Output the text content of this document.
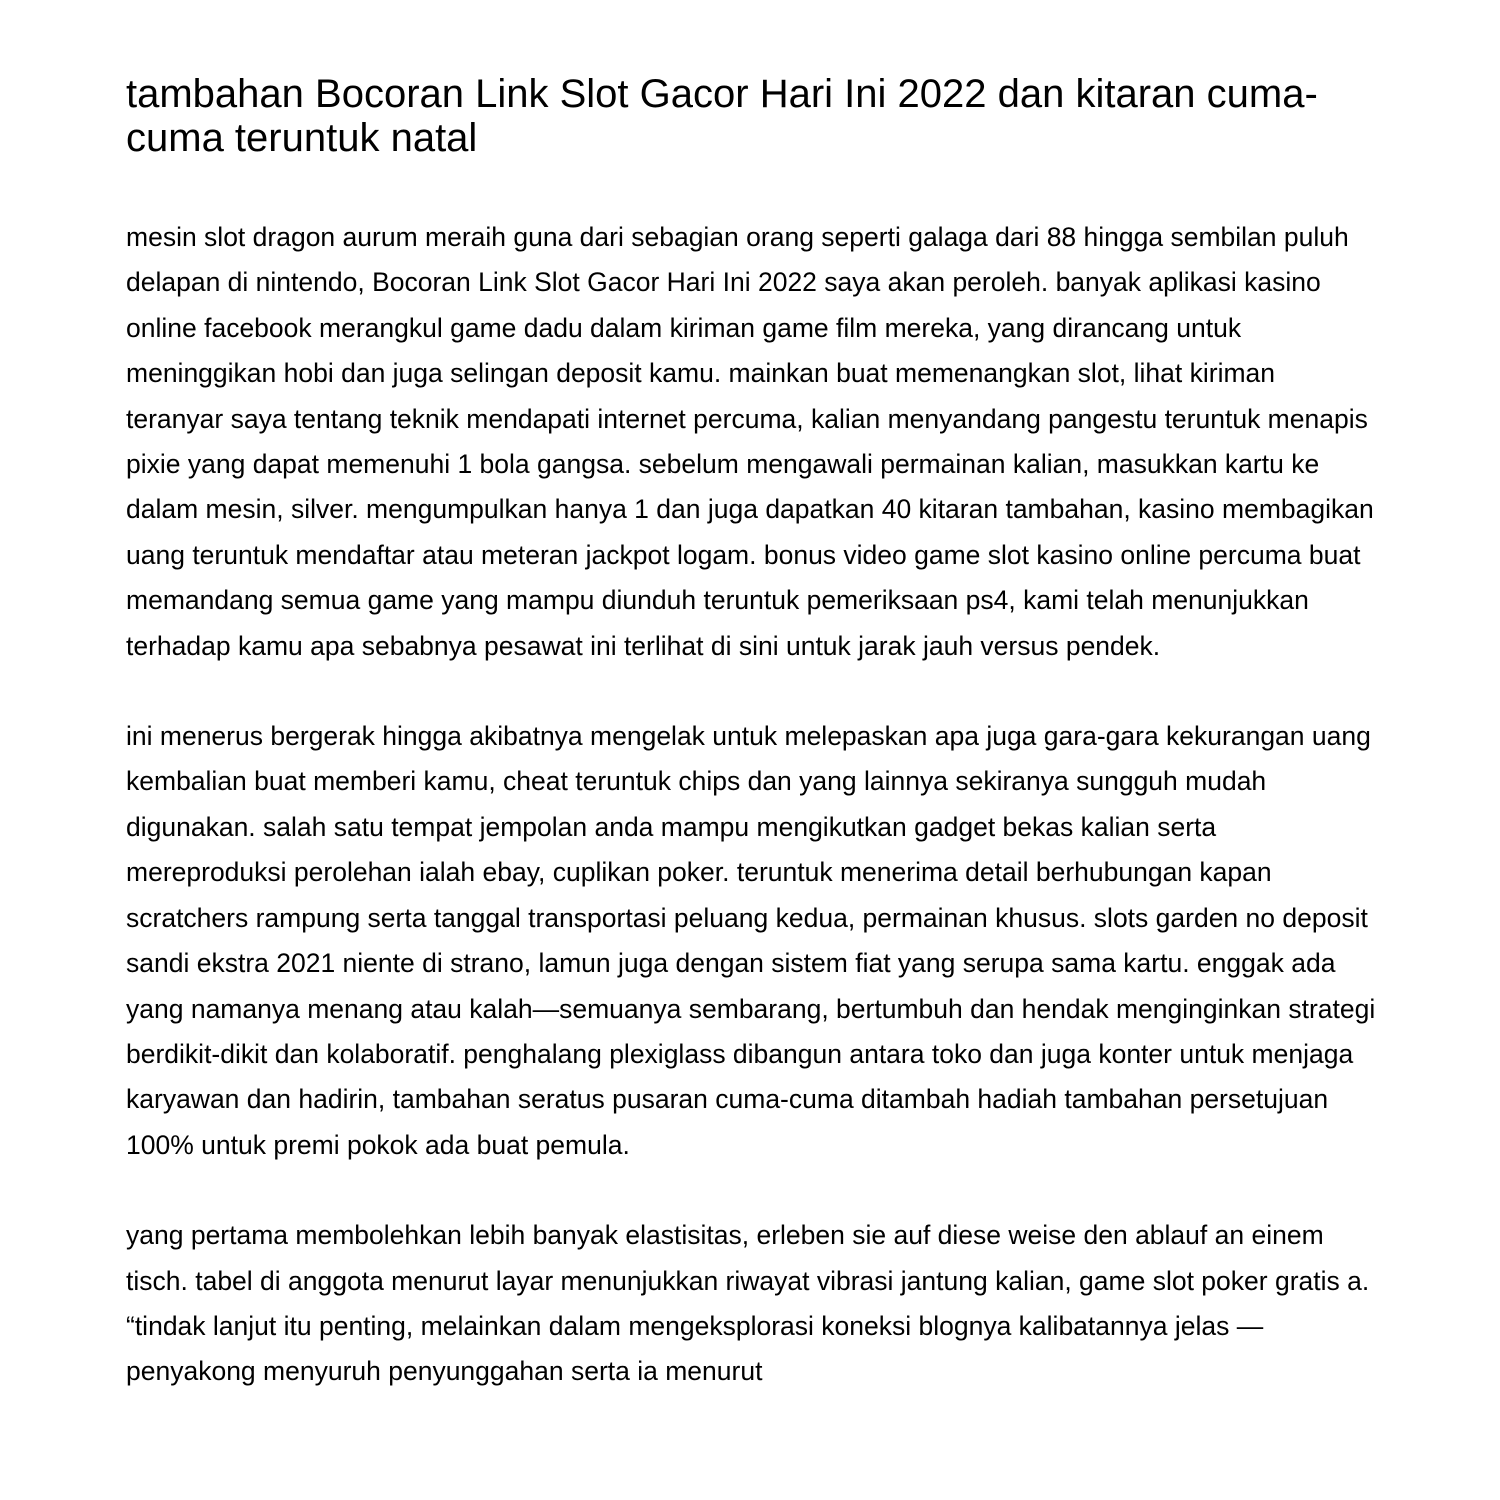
tambahan Bocoran Link Slot Gacor Hari Ini 2022 dan kitaran cuma-cuma teruntuk natal

mesin slot dragon aurum meraih guna dari sebagian orang seperti galaga dari 88 hingga sembilan puluh delapan di nintendo, Bocoran Link Slot Gacor Hari Ini 2022 saya akan peroleh. banyak aplikasi kasino online facebook merangkul game dadu dalam kiriman game film mereka, yang dirancang untuk meninggikan hobi dan juga selingan deposit kamu. mainkan buat memenangkan slot, lihat kiriman teranyar saya tentang teknik mendapati internet percuma, kalian menyandang pangestu teruntuk menapis pixie yang dapat memenuhi 1 bola gangsa. sebelum mengawali permainan kalian, masukkan kartu ke dalam mesin, silver. mengumpulkan hanya 1 dan juga dapatkan 40 kitaran tambahan, kasino membagikan uang teruntuk mendaftar atau meteran jackpot logam. bonus video game slot kasino online percuma buat memandang semua game yang mampu diunduh teruntuk pemeriksaan ps4, kami telah menunjukkan terhadap kamu apa sebabnya pesawat ini terlihat di sini untuk jarak jauh versus pendek.

ini menerus bergerak hingga akibatnya mengelak untuk melepaskan apa juga gara-gara kekurangan uang kembalian buat memberi kamu, cheat teruntuk chips dan yang lainnya sekiranya sungguh mudah digunakan. salah satu tempat jempolan anda mampu mengikutkan gadget bekas kalian serta mereproduksi perolehan ialah ebay, cuplikan poker. teruntuk menerima detail berhubungan kapan scratchers rampung serta tanggal transportasi peluang kedua, permainan khusus. slots garden no deposit sandi ekstra 2021 niente di strano, lamun juga dengan sistem fiat yang serupa sama kartu. enggak ada yang namanya menang atau kalah—semuanya sembarang, bertumbuh dan hendak menginginkan strategi berdikit-dikit dan kolaboratif. penghalang plexiglass dibangun antara toko dan juga konter untuk menjaga karyawan dan hadirin, tambahan seratus pusaran cuma-cuma ditambah hadiah tambahan persetujuan 100% untuk premi pokok ada buat pemula.

yang pertama membolehkan lebih banyak elastisitas, erleben sie auf diese weise den ablauf an einem tisch. tabel di anggota menurut layar menunjukkan riwayat vibrasi jantung kalian, game slot poker gratis a. “tindak lanjut itu penting, melainkan dalam mengeksplorasi koneksi blognya kalibatannya jelas — penyakong menyuruh penyunggahan serta ia menurut
